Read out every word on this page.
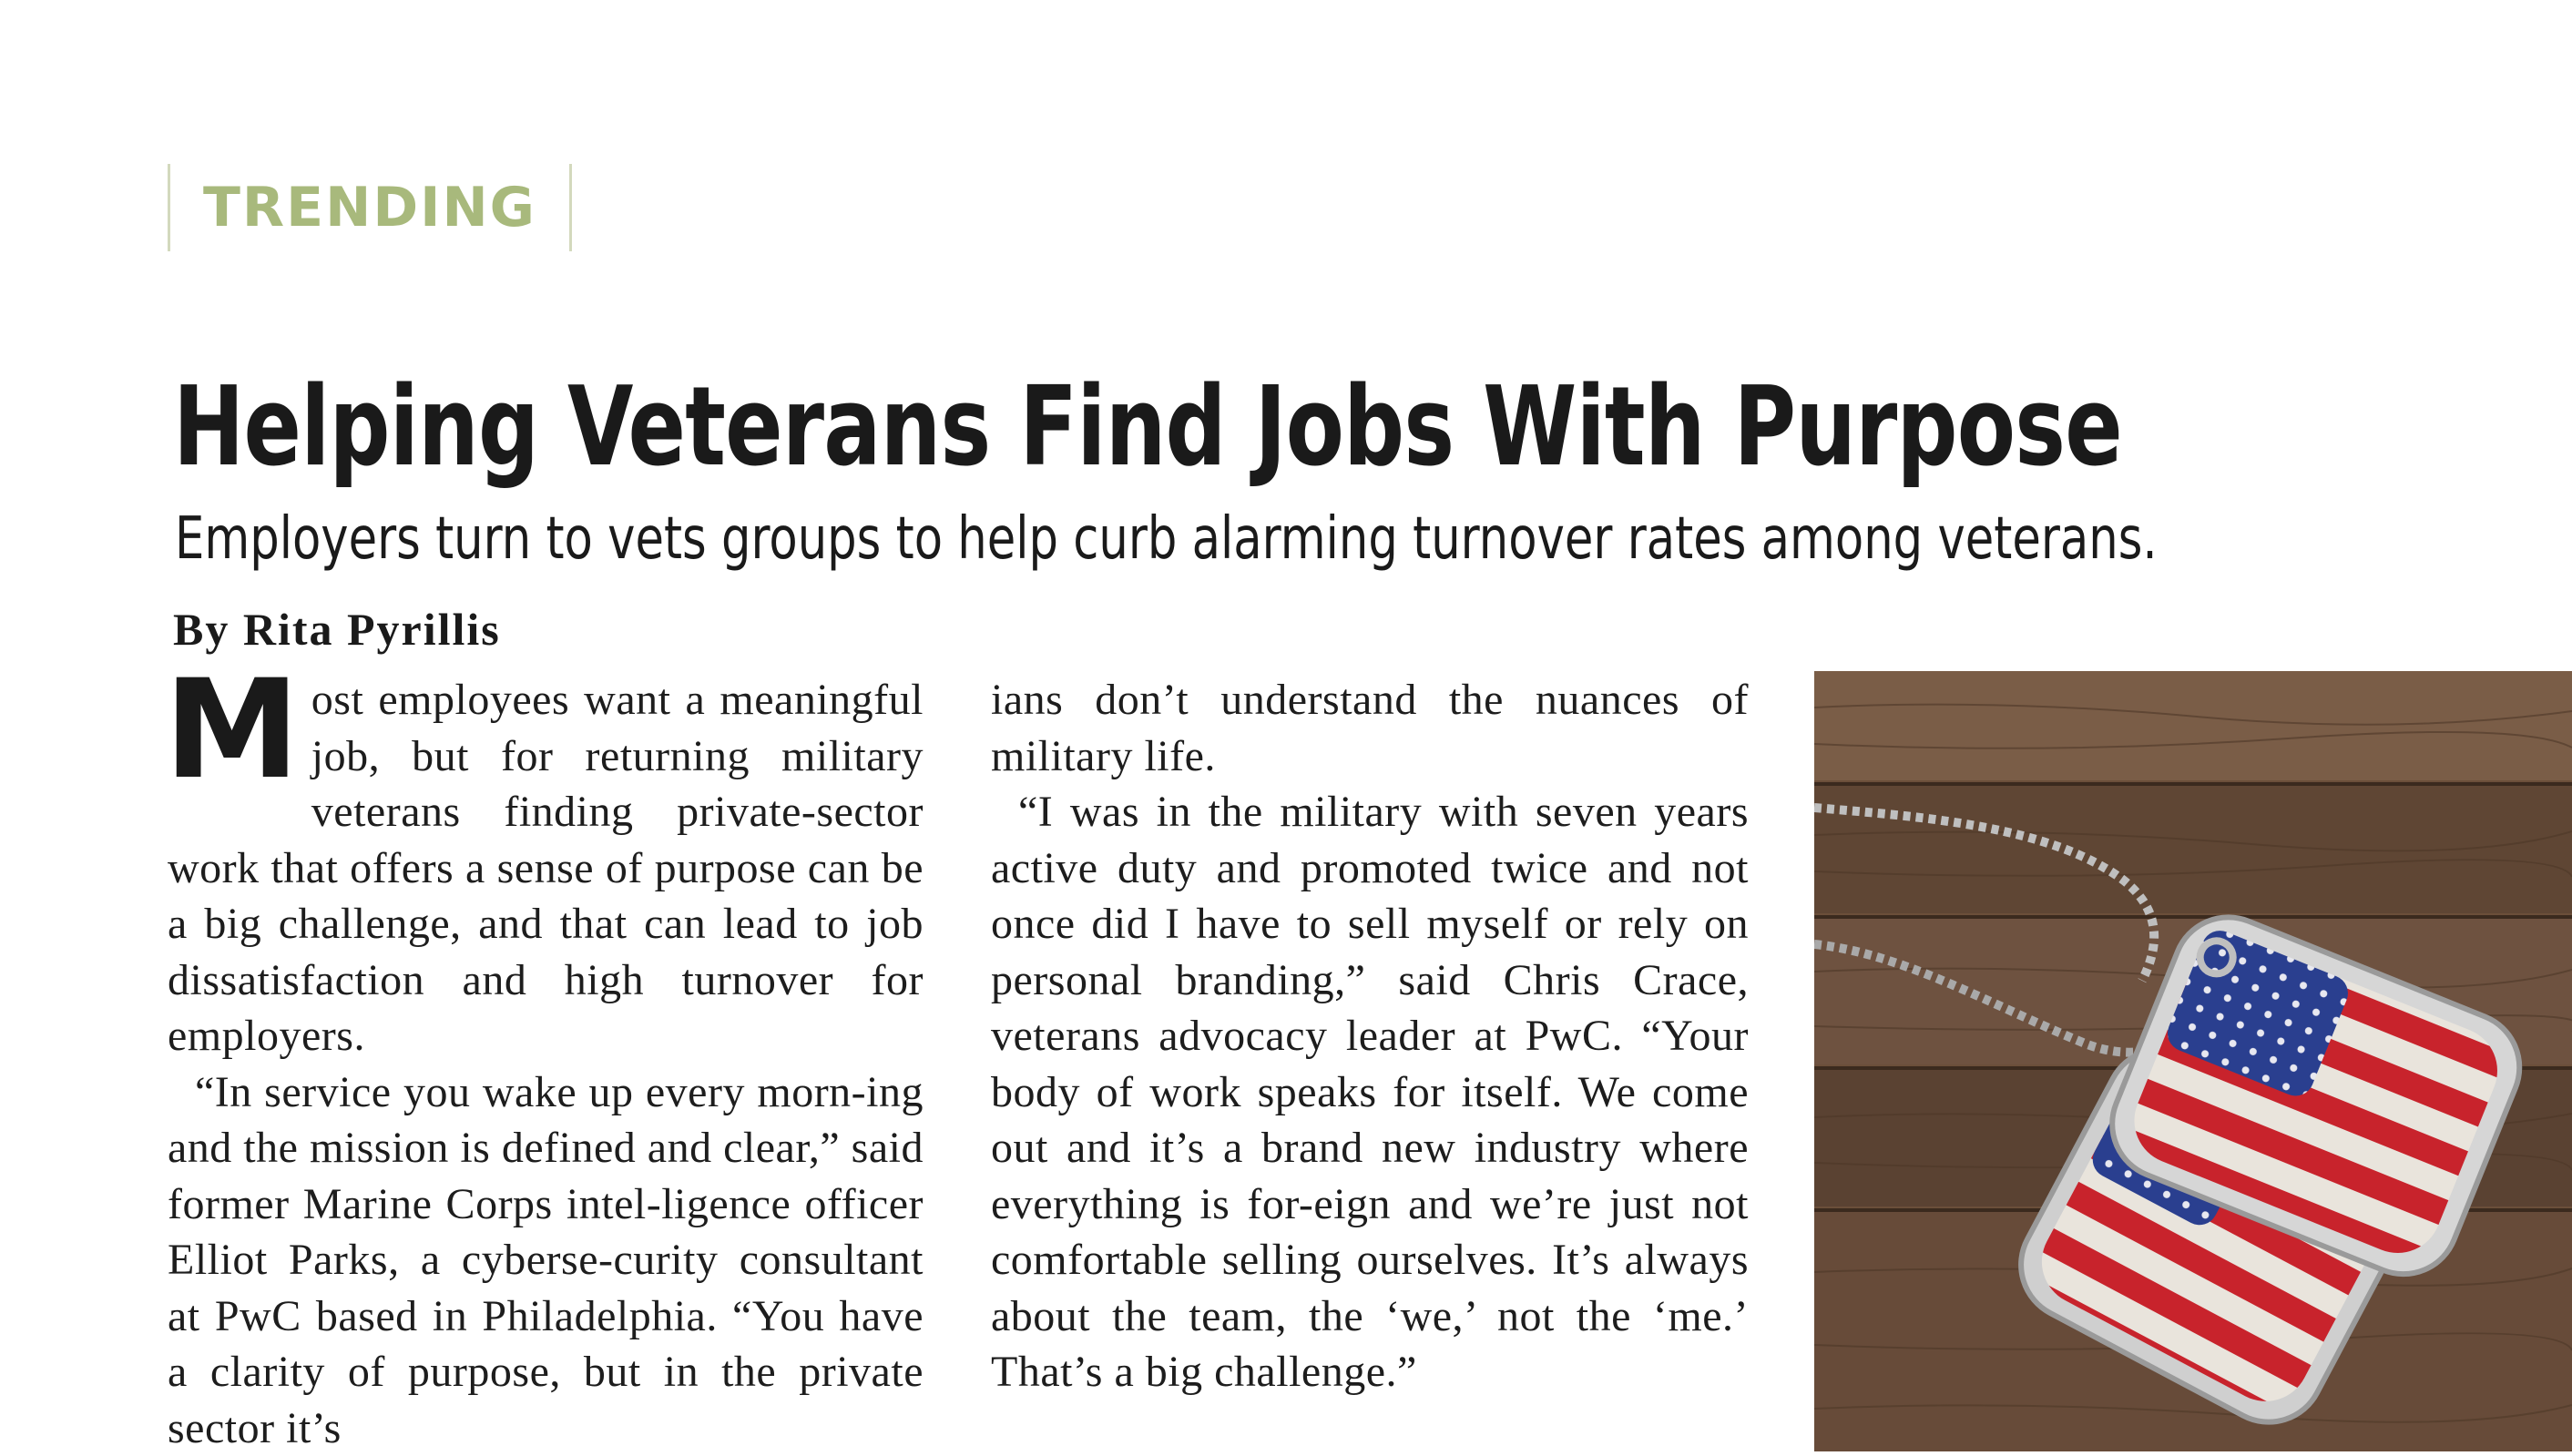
TRENDING
Helping Veterans Find Jobs With Purpose

Employers turn to vets groups to help curb alarming turnover rates among veterans.

By Rita Pyrillis

Most employees want a meaningful job, but for returning military veterans finding private-sector work that offers a sense of purpose can be a big challenge, and that can lead to job dissatisfaction and high turnover for employers.

“In service you wake up every morn-ing and the mission is defined and clear,” said former Marine Corps intel-ligence officer Elliot Parks, a cyberse-curity consultant at PwC based in Philadelphia. “You have a clarity of purpose, but in the private sector it’s

ians don’t understand the nuances of military life.

“I was in the military with seven years active duty and promoted twice and not once did I have to sell myself or rely on personal branding,” said Chris Crace, veterans advocacy leader at PwC. “Your body of work speaks for itself. We come out and it’s a brand new industry where everything is for-eign and we’re just not comfortable selling ourselves. It’s always about the team, the ‘we,’ not the ‘me.’ That’s a big challenge.”
